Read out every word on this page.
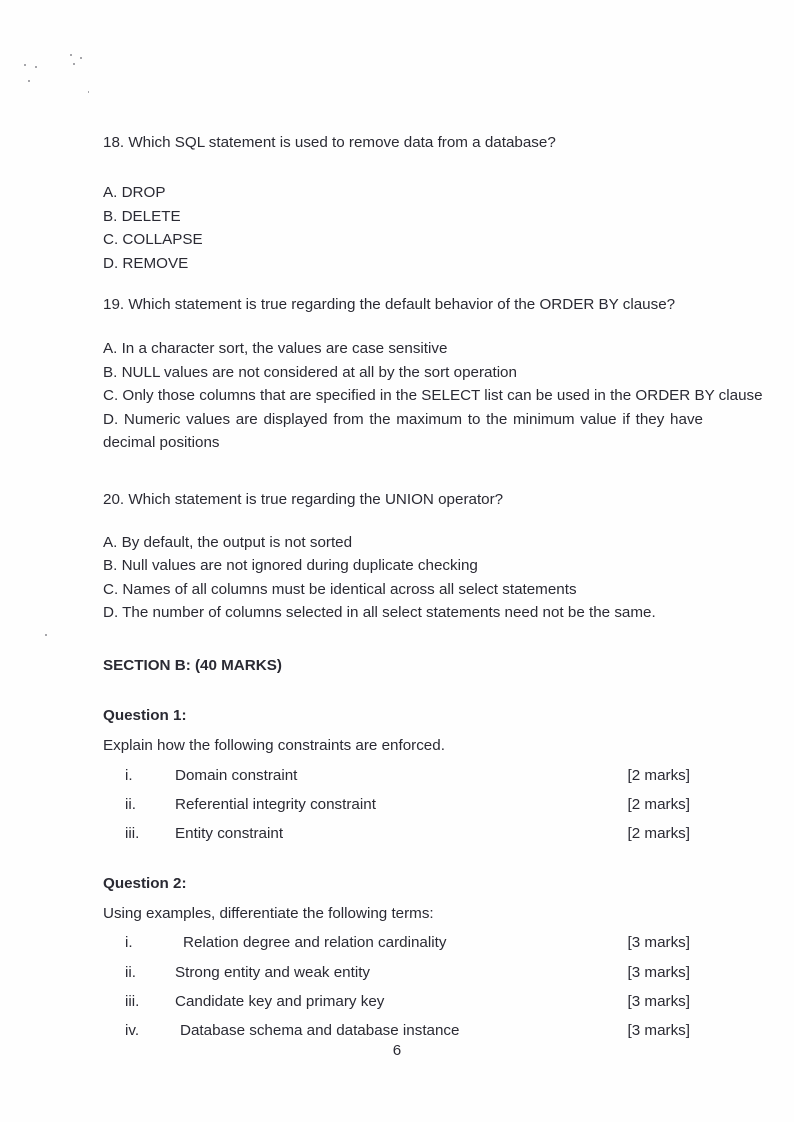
18. Which SQL statement is used to remove data from a database?
A. DROP
B. DELETE
C. COLLAPSE
D. REMOVE
19. Which statement is true regarding the default behavior of the ORDER BY clause?
A. In a character sort, the values are case sensitive
B. NULL values are not considered at all by the sort operation
C. Only those columns that are specified in the SELECT list can be used in the ORDER BY clause
D. Numeric values are displayed from the maximum to the minimum value if they have decimal positions
20. Which statement is true regarding the UNION operator?
A. By default, the output is not sorted
B. Null values are not ignored during duplicate checking
C. Names of all columns must be identical across all select statements
D. The number of columns selected in all select statements need not be the same.
SECTION B: (40 MARKS)
Question 1:
Explain how the following constraints are enforced.
i.	Domain constraint	[2 marks]
ii.	Referential integrity constraint	[2 marks]
iii.	Entity constraint	[2 marks]
Question 2:
Using examples, differentiate the following terms:
i.	Relation degree and relation cardinality	[3 marks]
ii.	Strong entity and weak entity	[3 marks]
iii.	Candidate key and primary key	[3 marks]
iv.	Database schema and database instance	[3 marks]
6
